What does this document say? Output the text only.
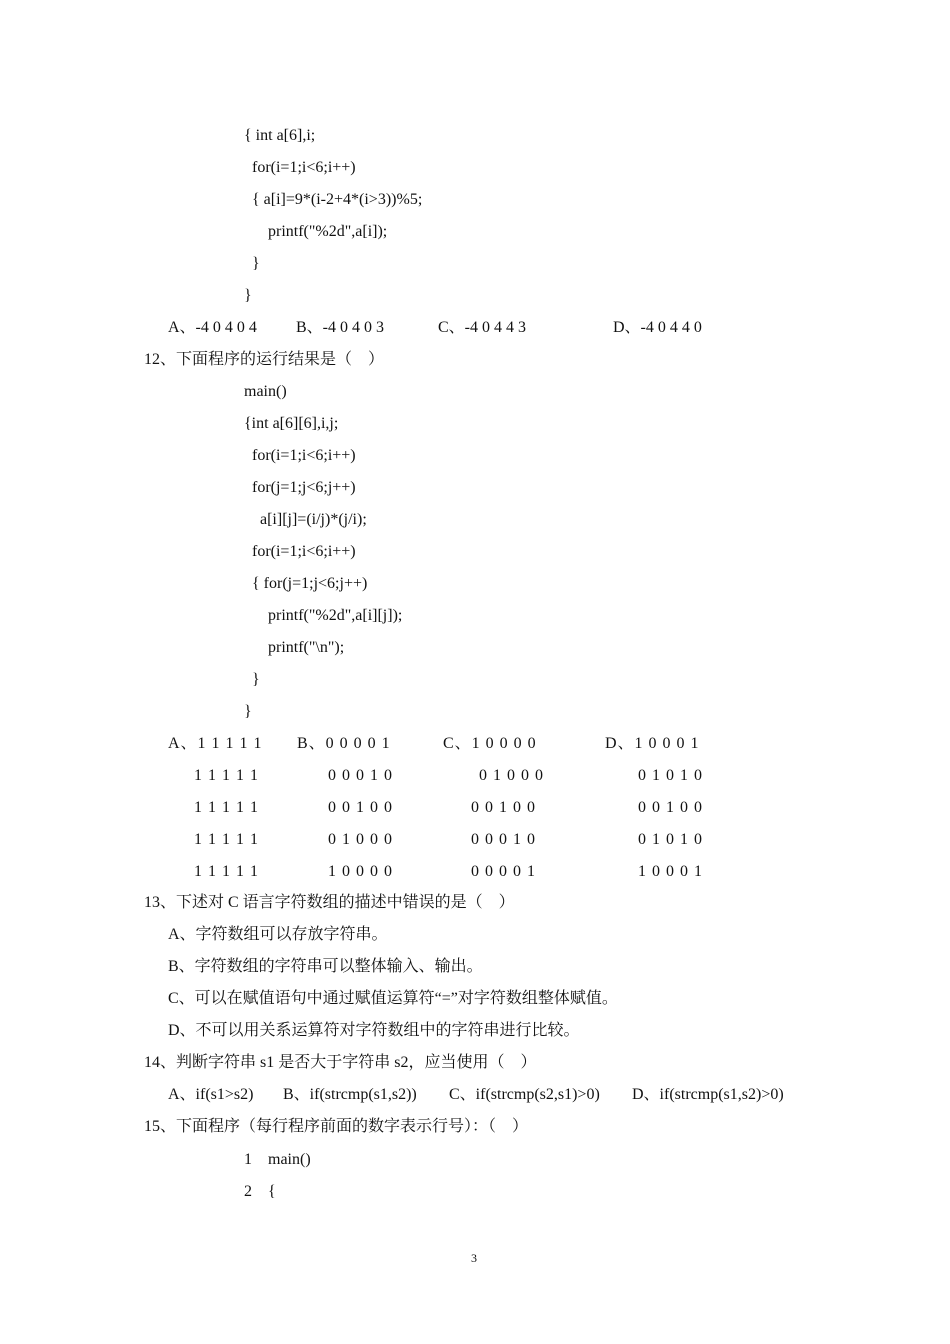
{ int a[6],i;
for(i=1;i<6;i++)
{ a[i]=9*(i-2+4*(i>3))%5;
printf("%2d",a[i]);
}
}
A、-4 0 4 0 4 B、-4 0 4 0 3	C、-4 0 4 4 3	D、-4 0 4 4 0
12、下面程序的运行结果是（    ）
main()
{int a[6][6],i,j;
for(i=1;i<6;i++)
for(j=1;j<6;j++)
a[i][j]=(i/j)*(j/i);
for(i=1;i<6;i++)
{ for(j=1;j<6;j++)
printf("%2d",a[i][j]);
printf("\n");
}
}
A、1 1 1 1 1
1 1 1 1 1
1 1 1 1 1
1 1 1 1 1
1 1 1 1 1
B、0 0 0 0 1
0 0 0 1 0
0 0 1 0 0
0 1 0 0 0
1 0 0 0 0
C、1 0 0 0 0
0 1 0 0 0
0 0 1 0 0
0 0 0 1 0
0 0 0 0 1
D、1 0 0 0 1
0 1 0 1 0
0 0 1 0 0
0 1 0 1 0
1 0 0 0 1
13、下述对 C 语言字符数组的描述中错误的是（    ）
A、字符数组可以存放字符串。
B、字符数组的字符串可以整体输入、输出。
C、可以在赋值语句中通过赋值运算符“=”对字符数组整体赋值。
D、不可以用关系运算符对字符数组中的字符串进行比较。
14、判断字符串 s1 是否大于字符串 s2，应当使用（    ）
A、if(s1>s2) B、if(strcmp(s1,s2)) C、if(strcmp(s2,s1)>0) D、if(strcmp(s1,s2)>0)
15、下面程序（每行程序前面的数字表示行号）：（    ）
1    main()
2    {
3
